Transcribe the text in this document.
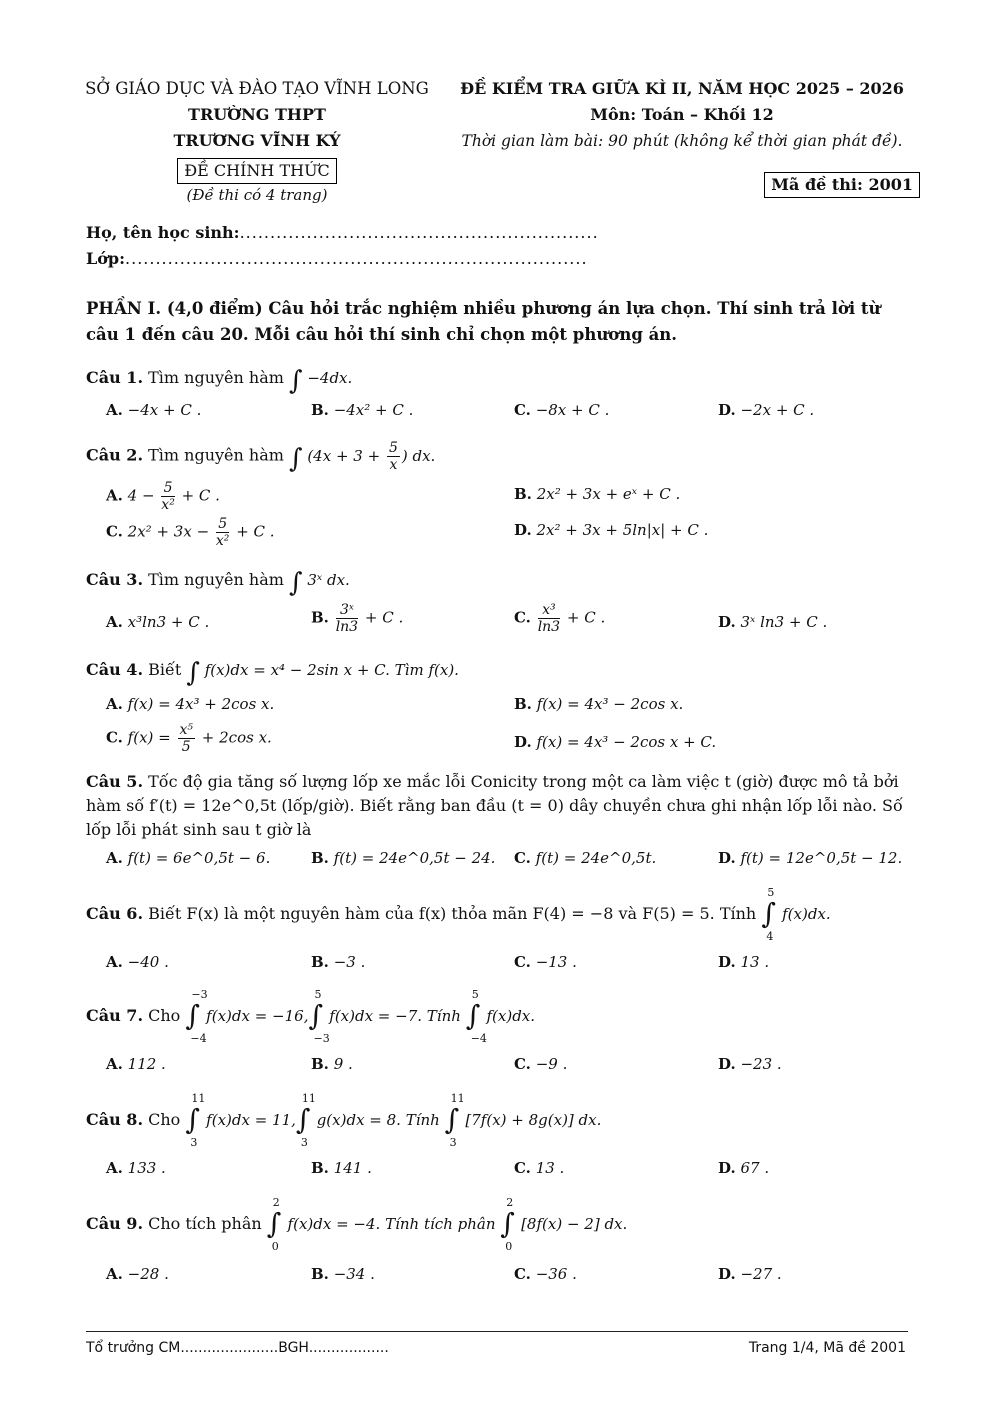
SỞ GIÁO DỤC VÀ ĐÀO TẠO VĨNH LONG
TRƯỜNG THPT
TRƯƠNG VĨNH KÝ
ĐỀ CHÍNH THỨC
(Đề thi có 4 trang)
ĐỀ KIỂM TRA GIỮA KÌ II, NĂM HỌC 2025 – 2026
Môn: Toán – Khối 12
Thời gian làm bài: 90 phút (không kể thời gian phát đề).
Mã đề thi: 2001
Họ, tên học sinh:...........................................................
Lớp:............................................................................
PHẦN I. (4,0 điểm) Câu hỏi trắc nghiệm nhiều phương án lựa chọn. Thí sinh trả lời từ
câu 1 đến câu 20. Mỗi câu hỏi thí sinh chỉ chọn một phương án.
Câu 1. Tìm nguyên hàm ∫ −4dx.
A. −4x + C .	B. −4x² + C .	C. −8x + C .	D. −2x + C .
Câu 2. Tìm nguyên hàm ∫ ($4x + 3 + \frac{5}{x}$ ) dx.
A. $4 - \frac{5}{\text{x²}} + C$ .	B. 2x² + 3x + eˣ + C .
C. $2x^2 + 3x - \frac{5}{\text{x²}} + C$ .	D. 2x² + 3x + 5ln|x| + C .
Câu 3. Tìm nguyên hàm ∫ 3ˣ dx.
A. x³ln3 + C .	B. $\frac{\text{3ˣ}}{\ln 3} + C$ .	C. $\frac{\text{x³}}{\ln 3} + C$ .	D. 3ˣ ln3 + C .
Câu 4. Biết ∫ f(x)dx = x⁴ − 2sin x + C. Tìm f(x).
A. f(x) = 4x³ + 2cos x.	B. f(x) = 4x³ − 2cos x.
C. $f(x) = \frac{\text{x⁵}}{5} + 2\cos$ x.	D. f(x) = 4x³ − 2cos x + C.
Câu 5. Tốc độ gia tăng số lượng lốp xe mắc lỗi Conicity trong một ca làm việc t (giờ) được mô tả bởi
hàm số f′(t) = 12e^0,5t (lốp/giờ). Biết rằng ban đầu (t = 0) dây chuyền chưa ghi nhận lốp lỗi nào. Số
lốp lỗi phát sinh sau t giờ là
A. f(t) = 6e^0,5t − 6.	B. f(t) = 24e^0,5t − 24. C. f(t) = 24e^0,5t.	D. f(t) = 12e^0,5t − 12.
Câu 6. Biết F(x) là một nguyên hàm của f(x) thỏa mãn F(4) = −8 và F(5) = 5. Tính
5
∫
4
f(x)dx.
A. −40 .	B. −3 .	C. −13 .	D. 13 .
Câu 7. Cho
−3
∫
−4
f(x)dx = −16,
5
∫
−3
f(x)dx = −7. Tính
5
∫
−4
f(x)dx.
A. 112 .	B. 9 .	C. −9 .	D. −23 .
Câu 8. Cho
11
∫
3
f(x)dx = 11,
11
∫
3
g(x)dx = 8. Tính
11
∫
3
[7f(x) + 8g(x)] dx.
A. 133 .	B. 141 .	C. 13 .	D. 67 .
Câu 9. Cho tích phân
2
∫
0
f(x)dx = −4. Tính tích phân
2
∫
0
[8f(x) − 2] dx.
A. −28 .	B. −34 .	C. −36 .	D. −27 .
Tổ trưởng CM......................BGH..................	Trang 1/4, Mã đề 2001
